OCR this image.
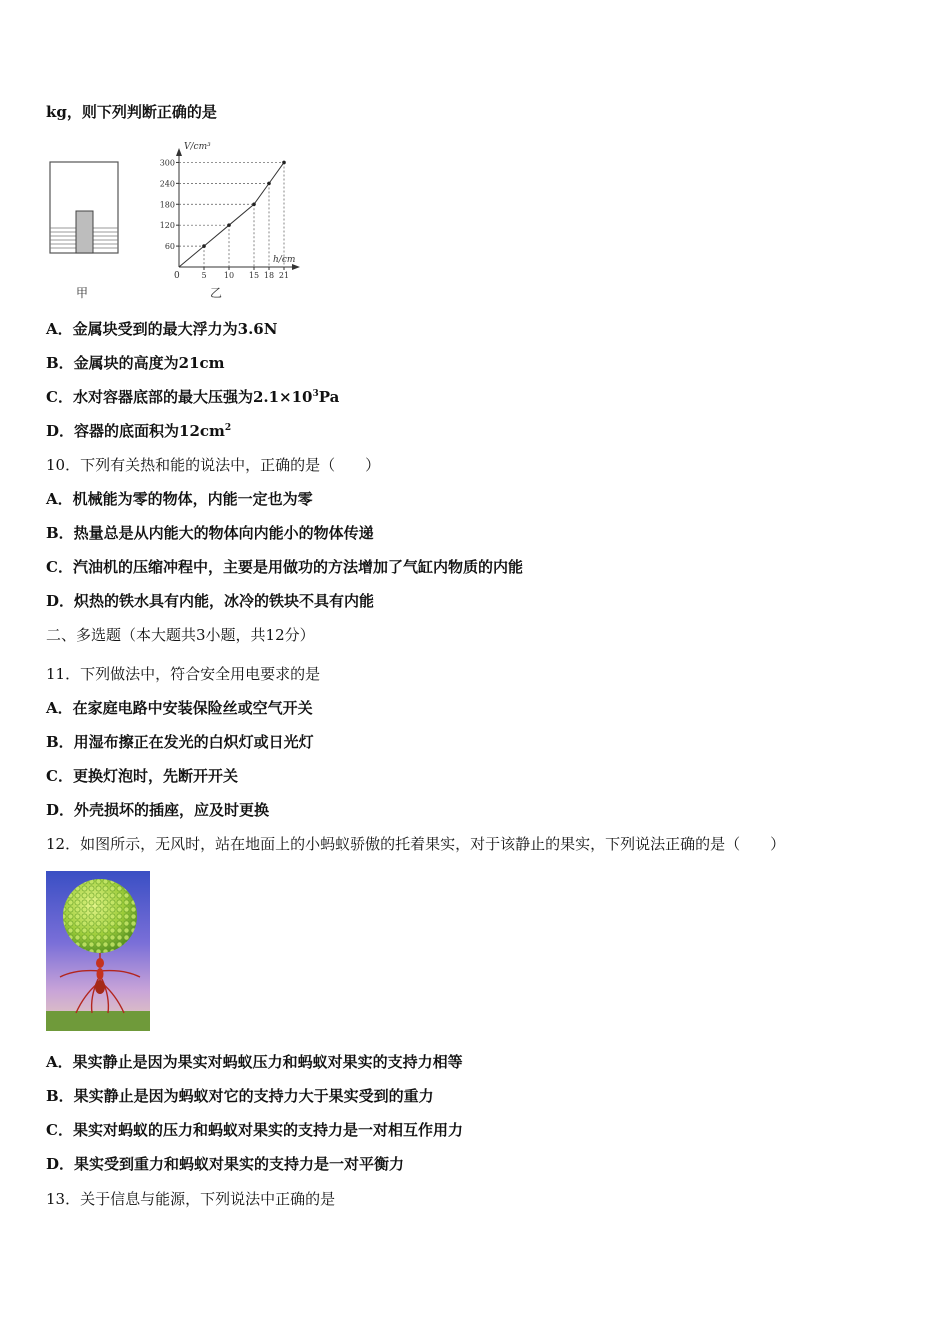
kg，则下列判断正确的是
甲
60
120
180
240
300
5 10 15 18 21
V/cm³
h/cm
0
乙
A．金属块受到的最大浮力为3.6N
B．金属块的高度为21cm
C．水对容器底部的最大压强为$2.1\times 10^3Pa$
D．容器的底面积为$12cm^2$
10．下列有关热和能的说法中，正确的是（　　）
A．机械能为零的物体，内能一定也为零
B．热量总是从内能大的物体向内能小的物体传递
C．汽油机的压缩冲程中，主要是用做功的方法增加了气缸内物质的内能
D．炽热的铁水具有内能，冰冷的铁块不具有内能
二、多选题（本大题共3小题，共12分）
11．下列做法中，符合安全用电要求的是
A．在家庭电路中安装保险丝或空气开关
B．用湿布擦正在发光的白炽灯或日光灯
C．更换灯泡时，先断开开关
D．外壳损坏的插座，应及时更换
12．如图所示，无风时，站在地面上的小蚂蚁骄傲的托着果实，对于该静止的果实，下列说法正确的是（　　）
A．果实静止是因为果实对蚂蚁压力和蚂蚁对果实的支持力相等
B．果实静止是因为蚂蚁对它的支持力大于果实受到的重力
C．果实对蚂蚁的压力和蚂蚁对果实的支持力是一对相互作用力
D．果实受到重力和蚂蚁对果实的支持力是一对平衡力
13．关于信息与能源，下列说法中正确的是
